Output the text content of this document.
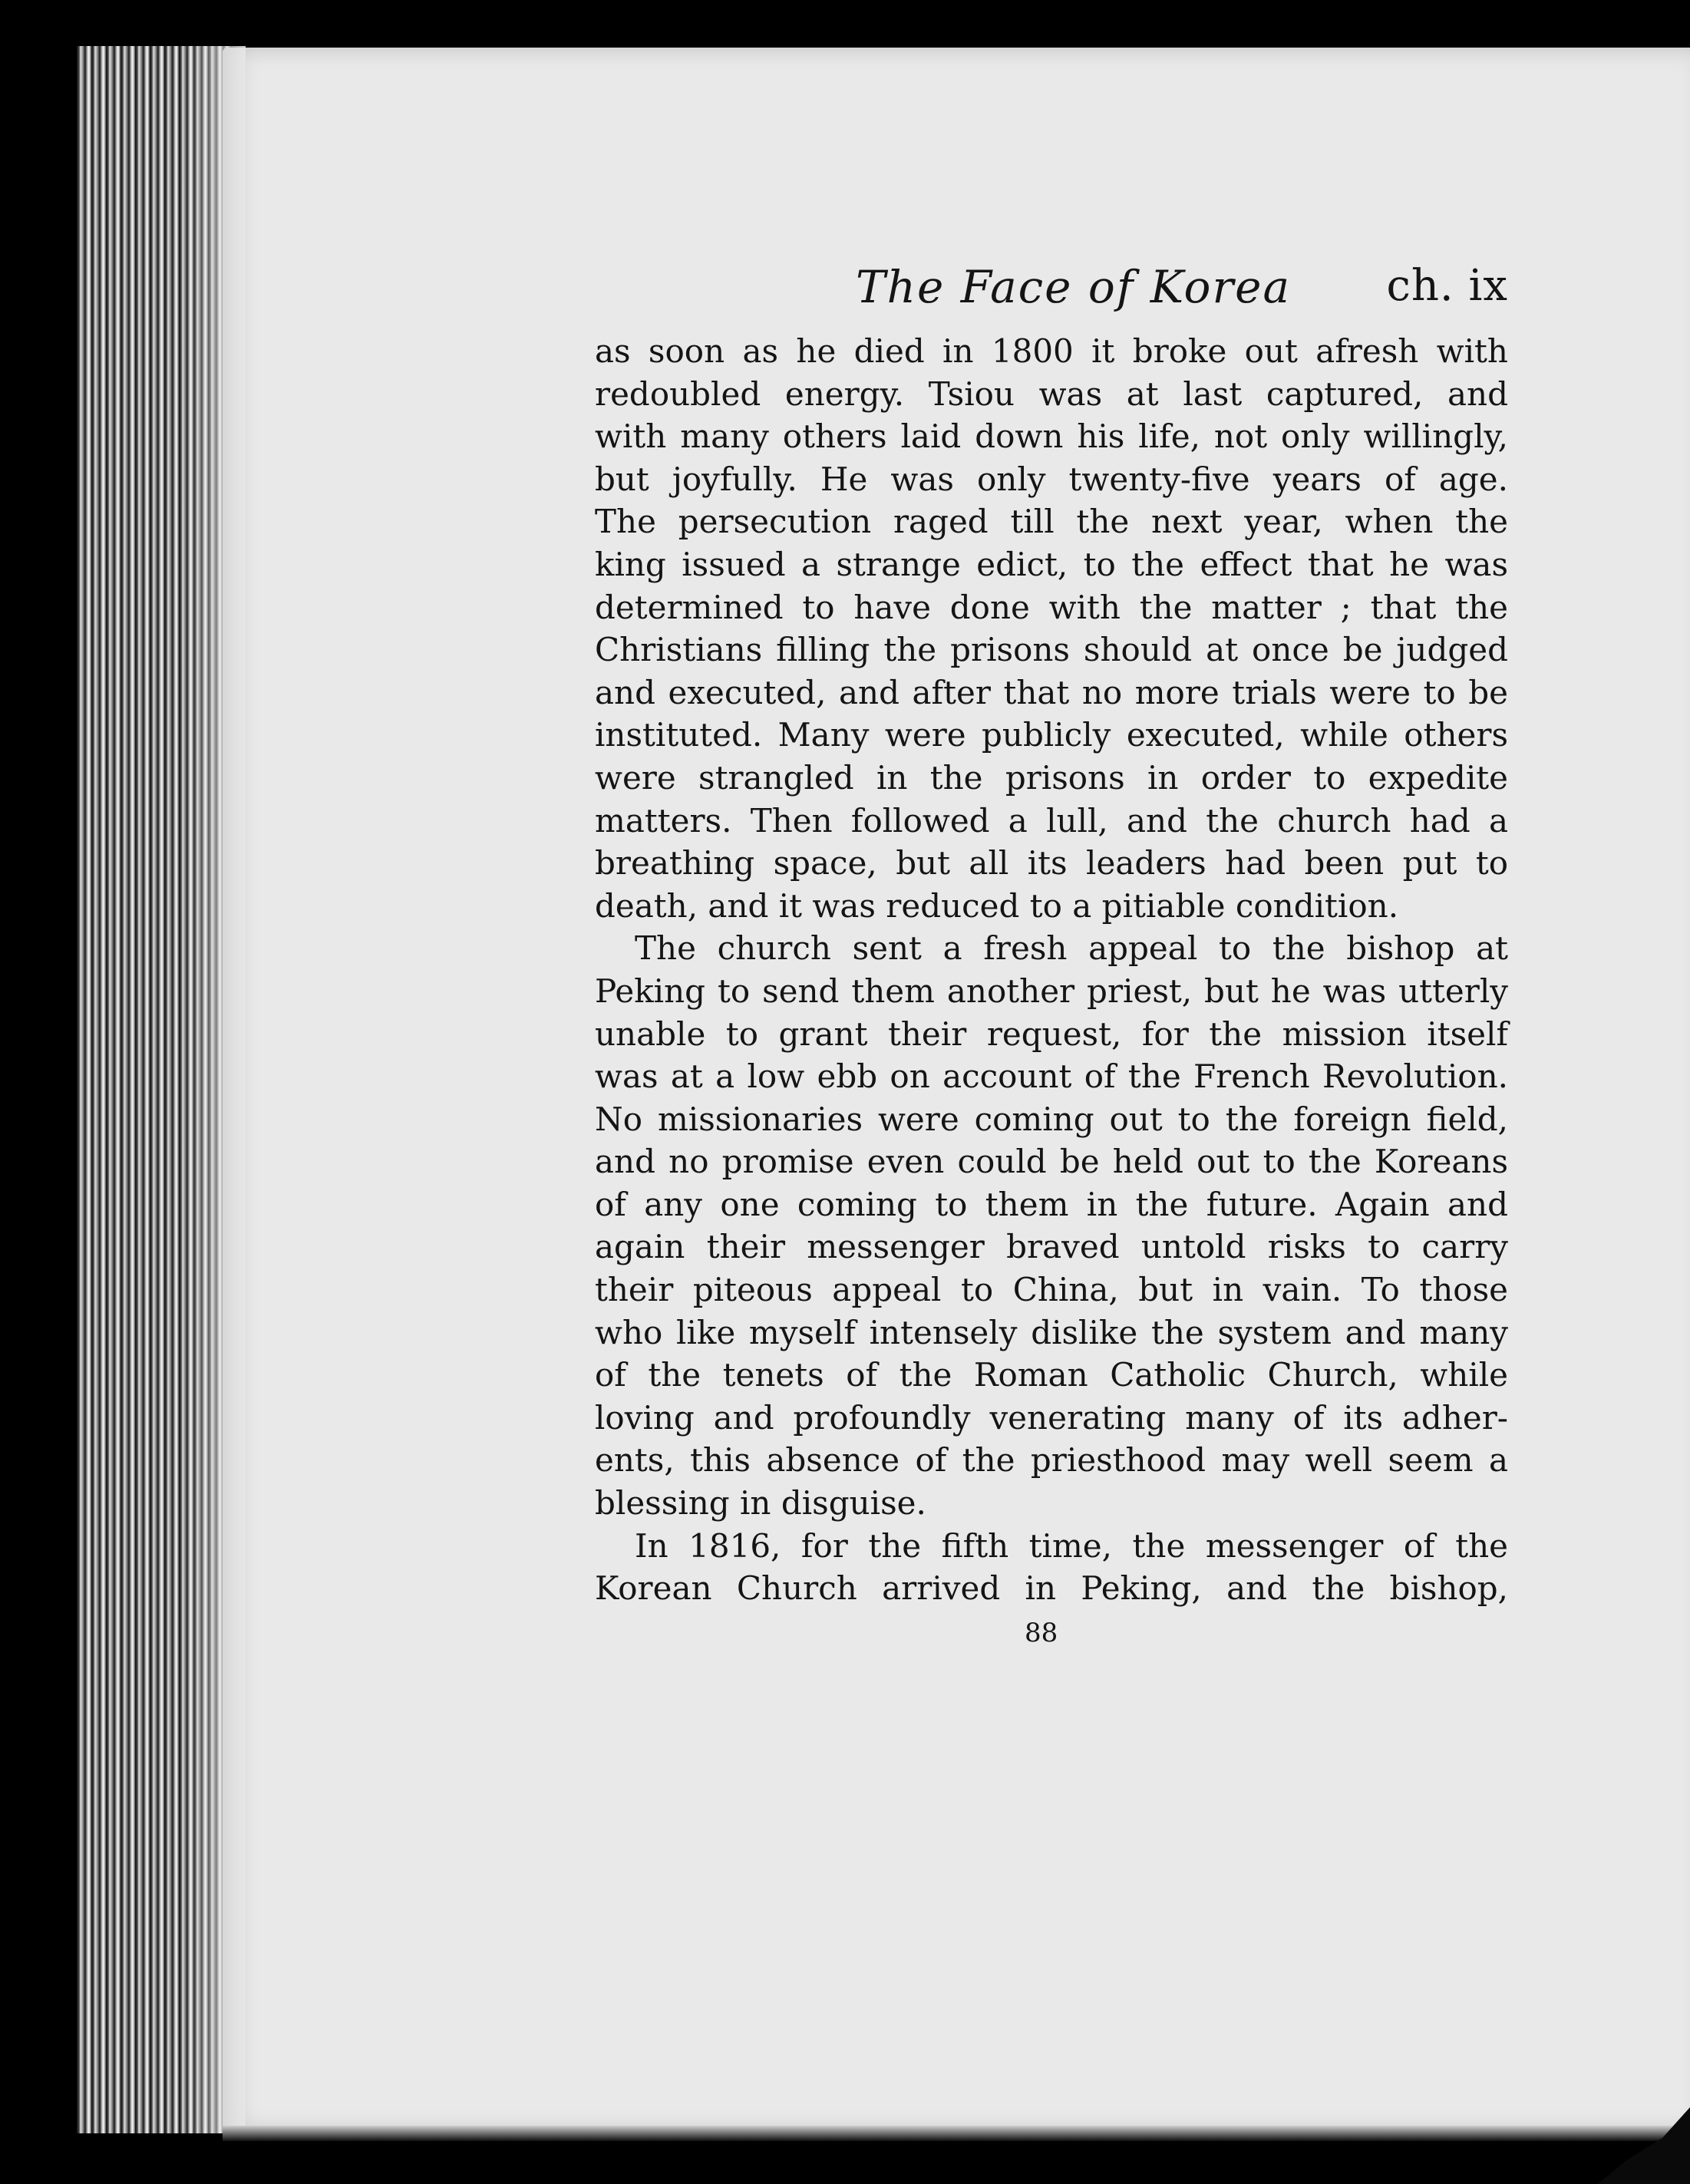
The Face of Korea ch. ix

as soon as he died in 1800 it broke out afresh with
redoubled energy. Tsiou was at last captured, and
with many others laid down his life, not only willingly,
but joyfully. He was only twenty-five years of age.
The persecution raged till the next year, when the
king issued a strange edict, to the effect that he was
determined to have done with the matter ; that the
Christians filling the prisons should at once be judged
and executed, and after that no more trials were to be
instituted. Many were publicly executed, while others
were strangled in the prisons in order to expedite
matters. Then followed a lull, and the church had a
breathing space, but all its leaders had been put to
death, and it was reduced to a pitiable condition.

The church sent a fresh appeal to the bishop at
Peking to send them another priest, but he was utterly
unable to grant their request, for the mission itself
was at a low ebb on account of the French Revolution.
No missionaries were coming out to the foreign field,
and no promise even could be held out to the Koreans
of any one coming to them in the future. Again and
again their messenger braved untold risks to carry
their piteous appeal to China, but in vain. To those
who like myself intensely dislike the system and many
of the tenets of the Roman Catholic Church, while
loving and profoundly venerating many of its adher-
ents, this absence of the priesthood may well seem a
blessing in disguise.

In 1816, for the fifth time, the messenger of the
Korean Church arrived in Peking, and the bishop,

88
